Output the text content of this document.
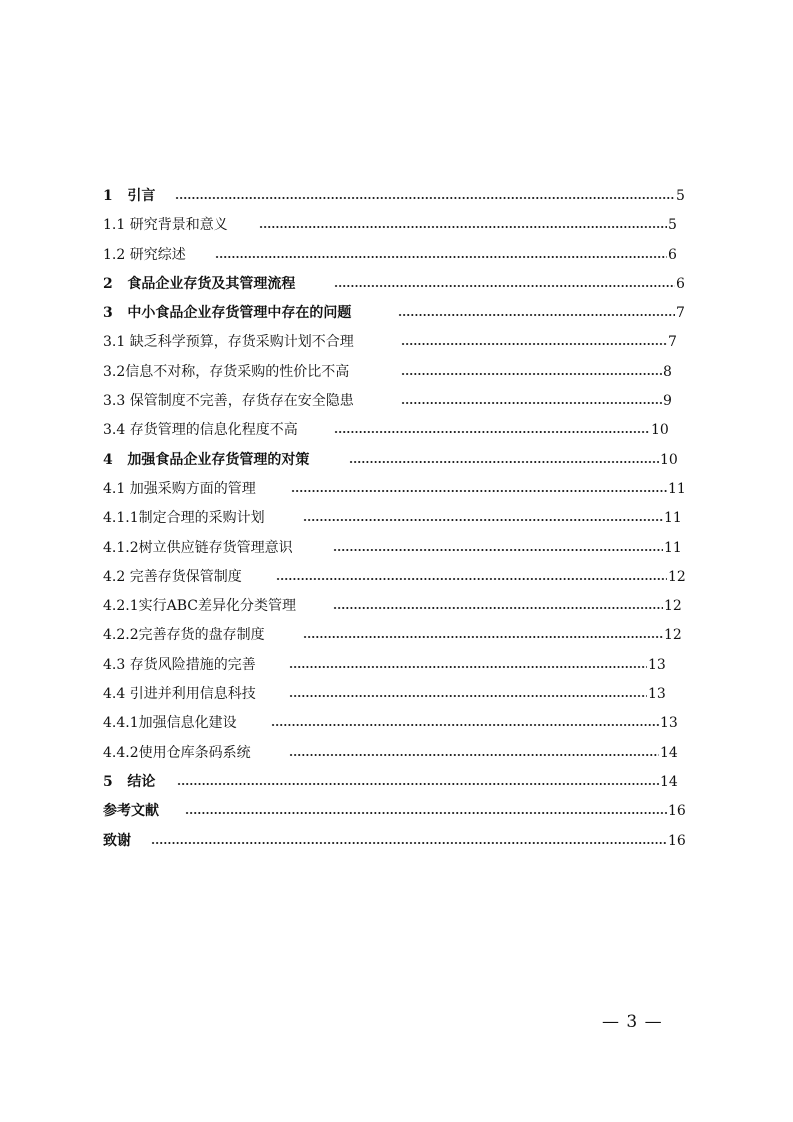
1   引言	5
1.1 研究背景和意义	5
1.2 研究综述	6
2   食品企业存货及其管理流程	6
3   中小食品企业存货管理中存在的问题	7
3.1 缺乏科学预算，存货采购计划不合理	7
3.2信息不对称，存货采购的性价比不高	8
3.3 保管制度不完善，存货存在安全隐患	9
3.4 存货管理的信息化程度不高	10
4   加强食品企业存货管理的对策	10
4.1 加强采购方面的管理	11
4.1.1制定合理的采购计划	11
4.1.2树立供应链存货管理意识	11
4.2 完善存货保管制度	12
4.2.1实行ABC差异化分类管理	12
4.2.2完善存货的盘存制度	12
4.3 存货风险措施的完善	13
4.4 引进并利用信息科技	13
4.4.1加强信息化建设	13
4.4.2使用仓库条码系统	14
5   结论	14
参考文献	16
致谢	16
— 3 —
